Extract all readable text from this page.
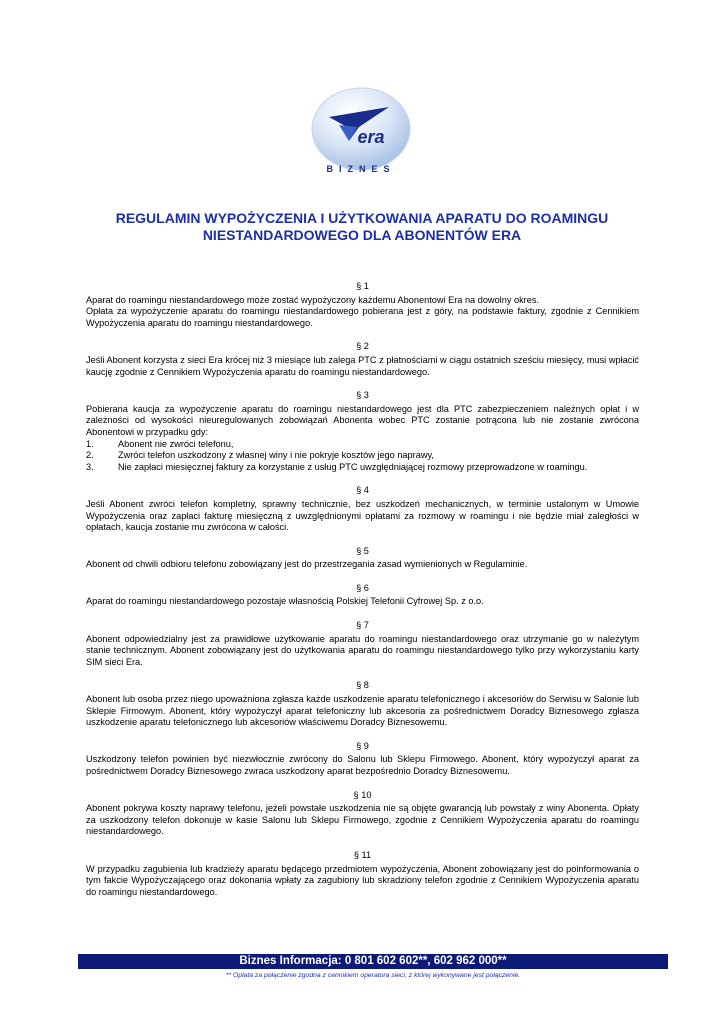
era
BIZNES
REGULAMIN WYPOŻYCZENIA I UŻYTKOWANIA APARATU DO ROAMINGU
NIESTANDARDOWEGO DLA ABONENTÓW ERA

§ 1

Aparat do roamingu niestandardowego może zostać wypożyczony każdemu Abonentowi Era na dowolny okres.

Opłata za wypożyczenie aparatu do roamingu niestandardowego pobierana jest z góry, na podstawie faktury, zgodnie z Cennikiem Wypożyczenia aparatu do roamingu niestandardowego.

§ 2

Jeśli Abonent korzysta z sieci Era krócej niż 3 miesiące lub zalega PTC z płatnościami w ciągu ostatnich sześciu miesięcy, musi wpłacić kaucję zgodnie z Cennikiem Wypożyczenia aparatu do roamingu niestandardowego.

§ 3

Pobierana kaucja za wypożyczenie aparatu do roamingu niestandardowego jest dla PTC zabezpieczeniem należnych opłat i w zależności od wysokości nieuregulowanych zobowiązań Abonenta wobec PTC zostanie potrącona lub nie zostanie zwrócona Abonentowi w przypadku gdy:

1.	Abonent nie zwróci telefonu,
2.	Zwróci telefon uszkodzony z własnej winy i nie pokryje kosztów jego naprawy,
3.	Nie zapłaci miesięcznej faktury za korzystanie z usług PTC uwzględniającej rozmowy przeprowadzone w roamingu.

§ 4

Jeśli Abonent zwróci telefon kompletny, sprawny technicznie, bez uszkodzeń mechanicznych, w terminie ustalonym w Umowie Wypożyczenia oraz zapłaci fakturę miesięczną z uwzględnionymi opłatami za rozmowy w roamingu i nie będzie miał zaległości w opłatach, kaucja zostanie mu zwrócona w całości.

§ 5

Abonent od chwili odbioru telefonu zobowiązany jest do przestrzegania zasad wymienionych w Regulaminie.

§ 6

Aparat do roamingu niestandardowego pozostaje własnością Polskiej Telefonii Cyfrowej Sp. z o.o.

§ 7

Abonent odpowiedzialny jest za prawidłowe użytkowanie aparatu do roamingu niestandardowego oraz utrzymanie go w należytym stanie technicznym. Abonent zobowiązany jest do użytkowania aparatu do roamingu niestandardowego tylko przy wykorzystaniu karty SIM sieci Era.

§ 8

Abonent lub osoba przez niego upoważniona zgłasza każde uszkodzenie aparatu telefonicznego i akcesoriów do Serwisu w Salonie lub Sklepie Firmowym. Abonent, który wypożyczył aparat telefoniczny lub akcesoria za pośrednictwem Doradcy Biznesowego zgłasza uszkodzenie aparatu telefonicznego lub akcesoriów właściwemu Doradcy Biznesowemu.

§ 9

Uszkodzony telefon powinien być niezwłocznie zwrócony do Salonu lub Sklepu Firmowego. Abonent, który wypożyczył aparat za pośrednictwem Doradcy Biznesowego zwraca uszkodzony aparat bezpośrednio Doradcy Biznesowemu.

§ 10

Abonent pokrywa koszty naprawy telefonu, jeżeli powstałe uszkodzenia nie są objęte gwarancją lub powstały z winy Abonenta. Opłaty za uszkodzony telefon dokonuje w kasie Salonu lub Sklepu Firmowego, zgodnie z Cennikiem Wypożyczenia aparatu do roamingu niestandardowego.

§ 11

W przypadku zagubienia lub kradzieży aparatu będącego przedmiotem wypożyczenia, Abonent zobowiązany jest do poinformowania o tym fakcie Wypożyczającego oraz dokonania wpłaty za zagubiony lub skradziony telefon zgodnie z Cennikiem Wypożyczenia aparatu do roamingu niestandardowego.

Biznes Informacja: 0 801 602 602**, 602 962 000**
** Opłata za połączenie zgodna z cennikiem operatora sieci, z której wykonywane jest połączenie.
